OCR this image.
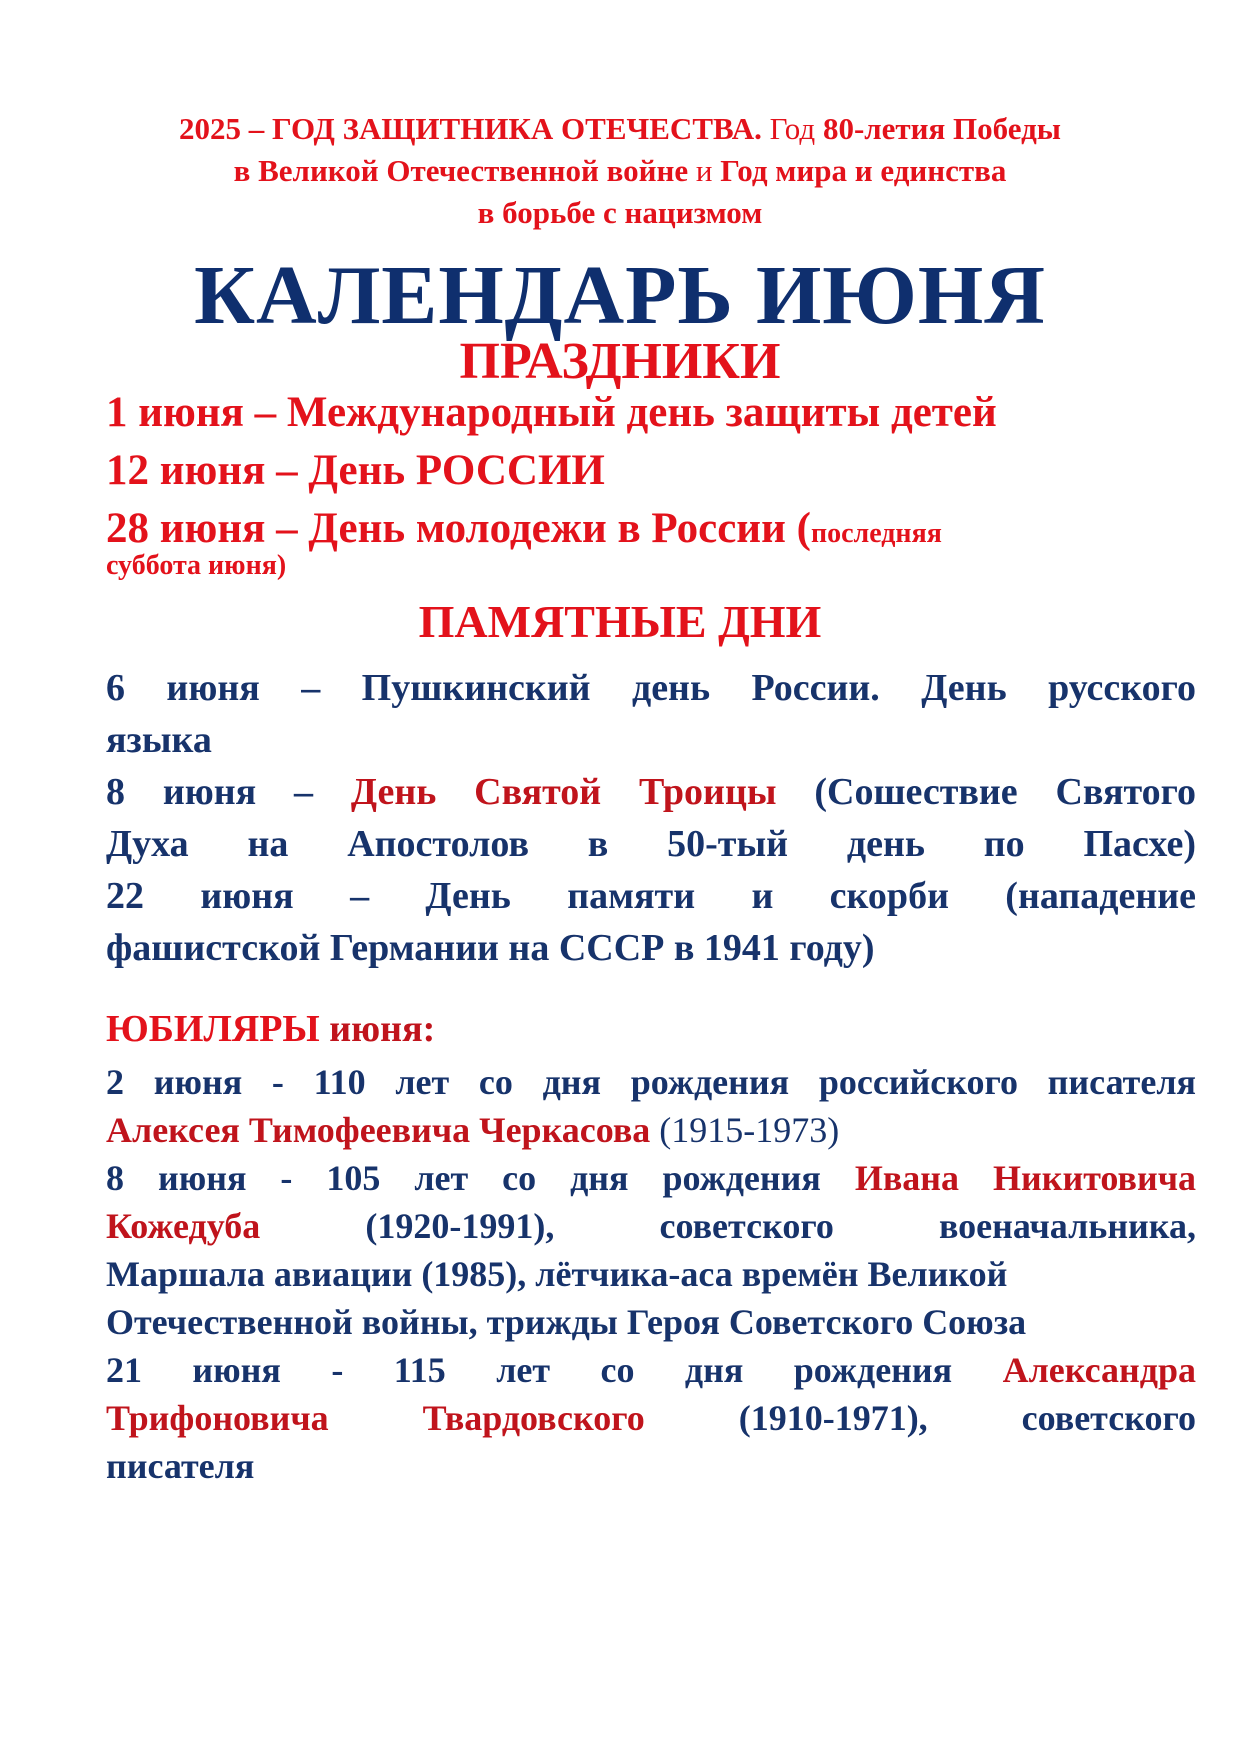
2025 – ГОД ЗАЩИТНИКА ОТЕЧЕСТВА. Год 80-летия Победы
в Великой Отечественной войне и Год мира и единства
в борьбе с нацизмом
КАЛЕНДАРЬ ИЮНЯ
ПРАЗДНИКИ
1 июня – Международный день защиты детей
12 июня – День РОССИИ
28 июня – День молодежи в России (последняя
суббота июня)
ПАМЯТНЫЕ ДНИ
6 июня – Пушкинский день России. День русского
языка
8 июня – День Святой Троицы (Сошествие Святого
Духа на Апостолов в 50-тый день по Пасхе)
22 июня – День памяти и скорби (нападение
фашистской Германии на СССР в 1941 году)
ЮБИЛЯРЫ июня:
2 июня - 110 лет со дня рождения российского писателя
Алексея Тимофеевича Черкасова (1915-1973)
8 июня - 105 лет со дня рождения Ивана Никитовича
Кожедуба (1920-1991), советского военачальника,
Маршала авиации (1985), лётчика-аса времён Великой
Отечественной войны, трижды Героя Советского Союза
21 июня - 115 лет со дня рождения Александра
Трифоновича Твардовского (1910-1971), советского
писателя
